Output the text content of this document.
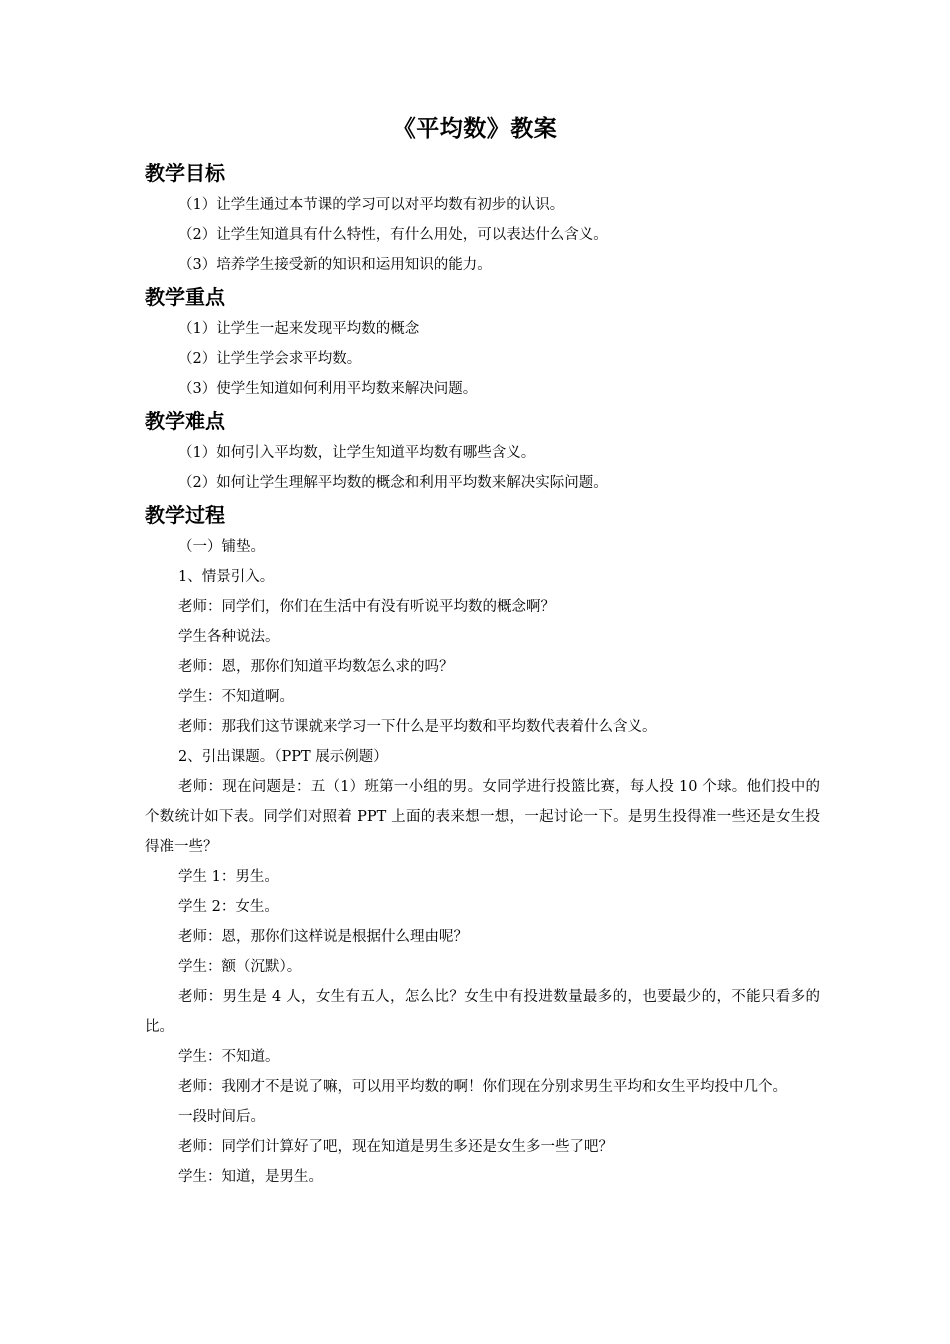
《平均数》教案
教学目标

（1）让学生通过本节课的学习可以对平均数有初步的认识。

（2）让学生知道具有什么特性，有什么用处，可以表达什么含义。

（3）培养学生接受新的知识和运用知识的能力。

教学重点

（1）让学生一起来发现平均数的概念

（2）让学生学会求平均数。

（3）使学生知道如何利用平均数来解决问题。

教学难点

（1）如何引入平均数，让学生知道平均数有哪些含义。

（2）如何让学生理解平均数的概念和利用平均数来解决实际问题。

教学过程

（一）铺垫。

1、情景引入。

老师：同学们，你们在生活中有没有听说平均数的概念啊？

学生各种说法。

老师：恩，那你们知道平均数怎么求的吗？

学生：不知道啊。

老师：那我们这节课就来学习一下什么是平均数和平均数代表着什么含义。

2、引出课题。（PPT 展示例题）

老师：现在问题是：五（1）班第一小组的男。女同学进行投篮比赛，每人投 10 个球。他们投中的个数统计如下表。同学们对照着 PPT 上面的表来想一想，一起讨论一下。是男生投得准一些还是女生投得准一些？

学生 1：男生。

学生 2：女生。

老师：恩，那你们这样说是根据什么理由呢？

学生：额（沉默）。

老师：男生是 4 人，女生有五人，怎么比？女生中有投进数量最多的，也要最少的，不能只看多的比。

学生：不知道。

老师：我刚才不是说了嘛，可以用平均数的啊！你们现在分别求男生平均和女生平均投中几个。

一段时间后。

老师：同学们计算好了吧，现在知道是男生多还是女生多一些了吧？

学生：知道，是男生。
